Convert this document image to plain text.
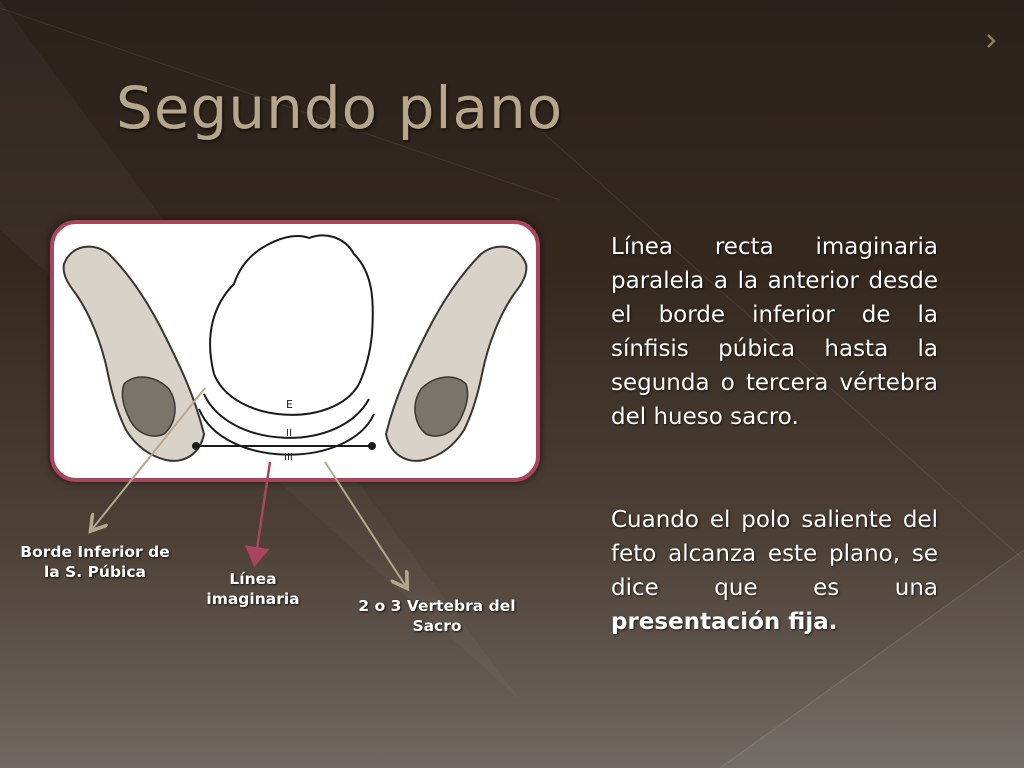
Segundo plano
E
II
III
Borde Inferior de la S. Púbica	Línea imaginaria	2 o 3 Vertebra del Sacro

Línea recta imaginaria paralela a la anterior desde el borde inferior de la sínfisis púbica hasta la segunda o tercera vértebra del hueso sacro.

Cuando el polo saliente del feto alcanza este plano, se dice que es una presentación fija.
